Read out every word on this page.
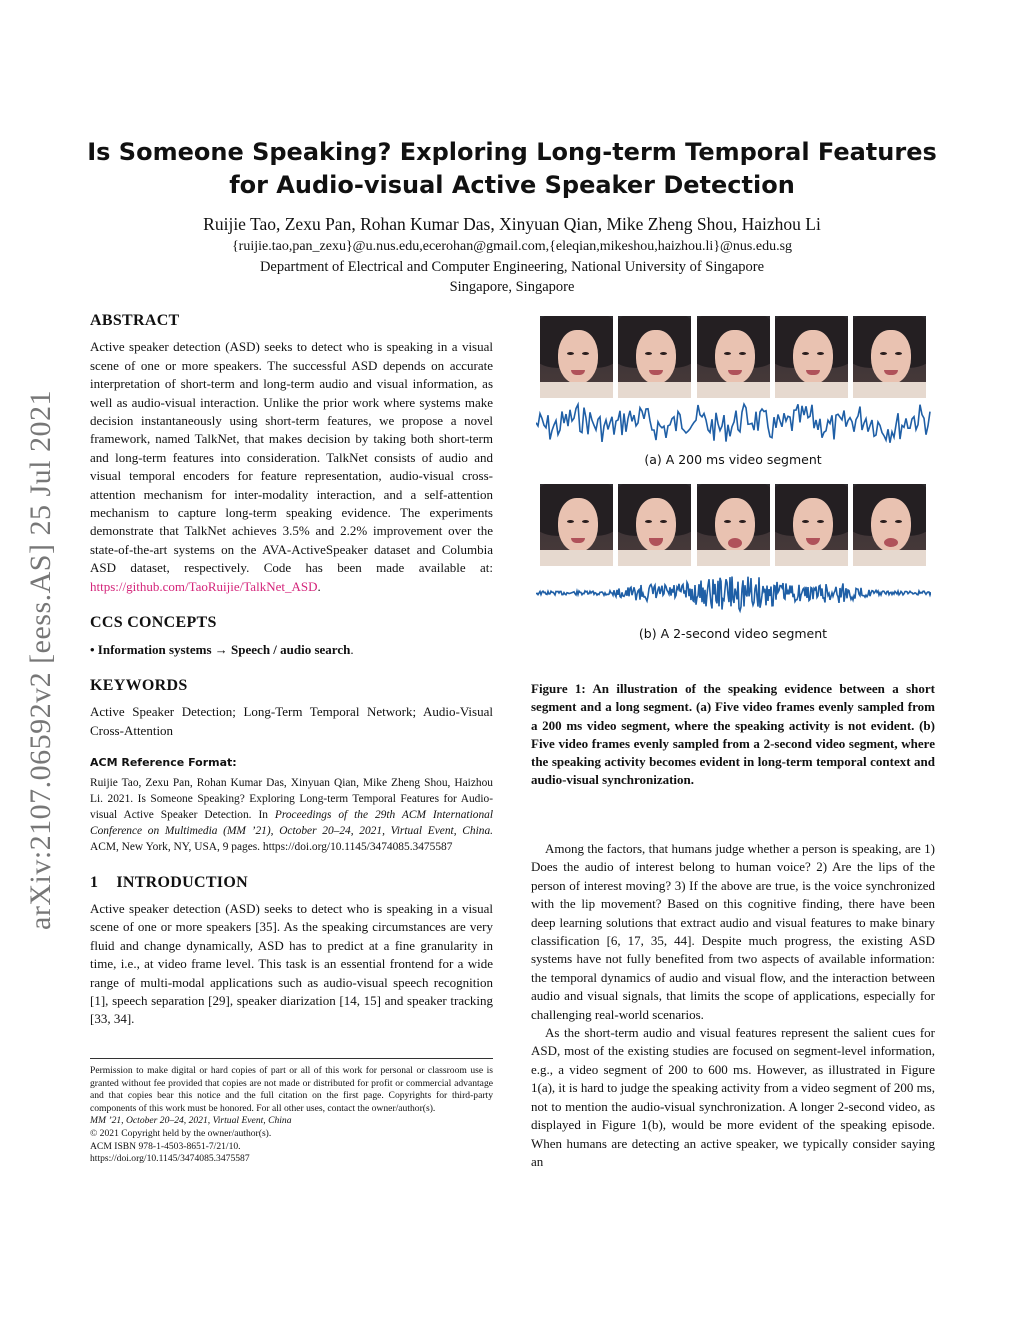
arXiv:2107.06592v2 [eess.AS] 25 Jul 2021
Is Someone Speaking? Exploring Long-term Temporal Features
for Audio-visual Active Speaker Detection
Ruijie Tao, Zexu Pan, Rohan Kumar Das, Xinyuan Qian, Mike Zheng Shou, Haizhou Li
{ruijie.tao,pan_zexu}@u.nus.edu,ecerohan@gmail.com,{eleqian,mikeshou,haizhou.li}@nus.edu.sg
Department of Electrical and Computer Engineering, National University of Singapore
Singapore, Singapore
ABSTRACT

Active speaker detection (ASD) seeks to detect who is speaking in a visual scene of one or more speakers. The successful ASD depends on accurate interpretation of short-term and long-term audio and visual information, as well as audio-visual interaction. Unlike the prior work where systems make decision instantaneously using short-term features, we propose a novel framework, named TalkNet, that makes decision by taking both short-term and long-term features into consideration. TalkNet consists of audio and visual temporal encoders for feature representation, audio-visual cross-attention mechanism for inter-modality interaction, and a self-attention mechanism to capture long-term speaking evidence. The experiments demonstrate that TalkNet achieves 3.5% and 2.2% improvement over the state-of-the-art systems on the AVA-ActiveSpeaker dataset and Columbia ASD dataset, respectively. Code has been made available at: https://github.com/TaoRuijie/TalkNet_ASD.

CCS CONCEPTS

• Information systems → Speech / audio search.

KEYWORDS

Active Speaker Detection; Long-Term Temporal Network; Audio-Visual Cross-Attention

ACM Reference Format:

Ruijie Tao, Zexu Pan, Rohan Kumar Das, Xinyuan Qian, Mike Zheng Shou, Haizhou Li. 2021. Is Someone Speaking? Exploring Long-term Temporal Features for Audio-visual Active Speaker Detection. In Proceedings of the 29th ACM International Conference on Multimedia (MM ’21), October 20–24, 2021, Virtual Event, China. ACM, New York, NY, USA, 9 pages. https://doi.org/10.1145/3474085.3475587

1 INTRODUCTION

Active speaker detection (ASD) seeks to detect who is speaking in a visual scene of one or more speakers [35]. As the speaking circumstances are very fluid and change dynamically, ASD has to predict at a fine granularity in time, i.e., at video frame level. This task is an essential frontend for a wide range of multi-modal applications such as audio-visual speech recognition [1], speech separation [29], speaker diarization [14, 15] and speaker tracking [33, 34].

Permission to make digital or hard copies of part or all of this work for personal or classroom use is granted without fee provided that copies are not made or distributed for profit or commercial advantage and that copies bear this notice and the full citation on the first page. Copyrights for third-party components of this work must be honored. For all other uses, contact the owner/author(s).

MM ’21, October 20–24, 2021, Virtual Event, China
© 2021 Copyright held by the owner/author(s).
ACM ISBN 978-1-4503-8651-7/21/10.
https://doi.org/10.1145/3474085.3475587
(a) A 200 ms video segment
(b) A 2-second video segment
Figure 1: An illustration of the speaking evidence between a short segment and a long segment. (a) Five video frames evenly sampled from a 200 ms video segment, where the speaking activity is not evident. (b) Five video frames evenly sampled from a 2-second video segment, where the speaking activity becomes evident in long-term temporal context and audio-visual synchronization.

Among the factors, that humans judge whether a person is speaking, are 1) Does the audio of interest belong to human voice? 2) Are the lips of the person of interest moving? 3) If the above are true, is the voice synchronized with the lip movement? Based on this cognitive finding, there have been deep learning solutions that extract audio and visual features to make binary classification [6, 17, 35, 44]. Despite much progress, the existing ASD systems have not fully benefited from two aspects of available information: the temporal dynamics of audio and visual flow, and the interaction between audio and visual signals, that limits the scope of applications, especially for challenging real-world scenarios.

As the short-term audio and visual features represent the salient cues for ASD, most of the existing studies are focused on segment-level information, e.g., a video segment of 200 to 600 ms. However, as illustrated in Figure 1(a), it is hard to judge the speaking activity from a video segment of 200 ms, not to mention the audio-visual synchronization. A longer 2-second video, as displayed in Figure 1(b), would be more evident of the speaking episode. When humans are detecting an active speaker, we typically consider saying an
